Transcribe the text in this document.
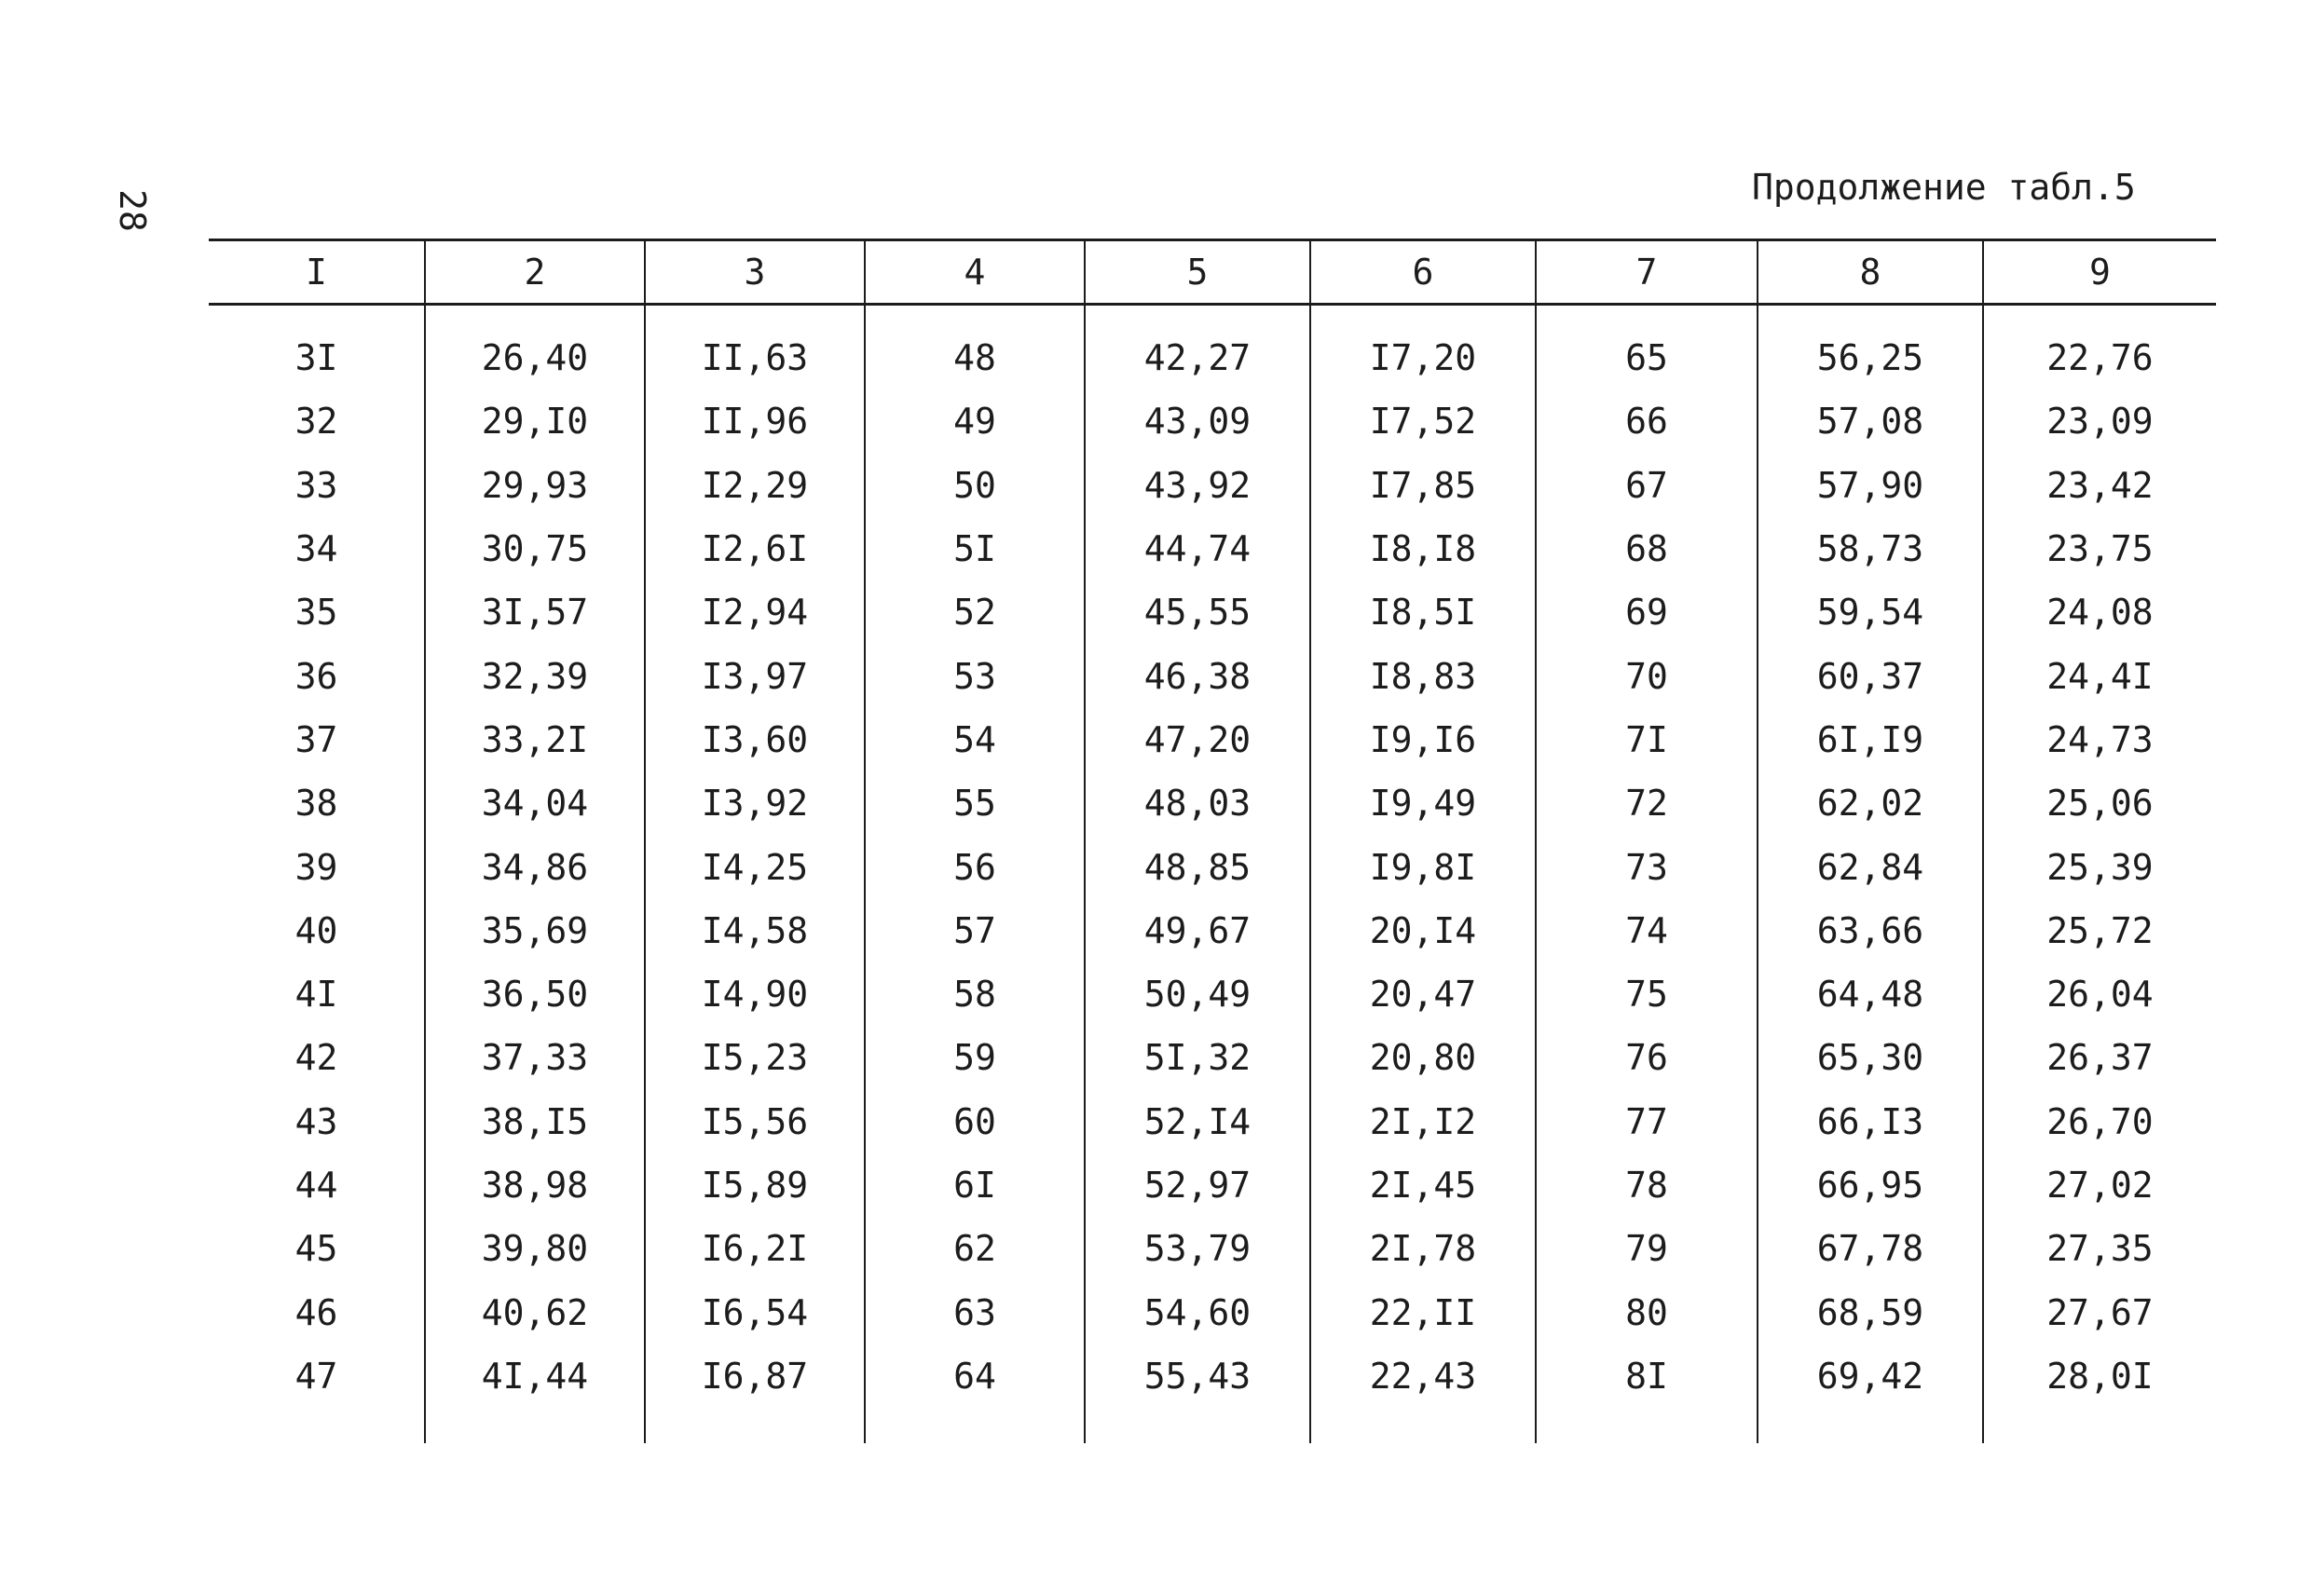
28
Продолжение табл.5
I	2	3	4	5	6	7	8	9
3I	26,40	II,63	48	42,27	I7,20	65	56,25	22,76
32	29,I0	II,96	49	43,09	I7,52	66	57,08	23,09
33	29,93	I2,29	50	43,92	I7,85	67	57,90	23,42
34	30,75	I2,6I	5I	44,74	I8,I8	68	58,73	23,75
35	3I,57	I2,94	52	45,55	I8,5I	69	59,54	24,08
36	32,39	I3,97	53	46,38	I8,83	70	60,37	24,4I
37	33,2I	I3,60	54	47,20	I9,I6	7I	6I,I9	24,73
38	34,04	I3,92	55	48,03	I9,49	72	62,02	25,06
39	34,86	I4,25	56	48,85	I9,8I	73	62,84	25,39
40	35,69	I4,58	57	49,67	20,I4	74	63,66	25,72
4I	36,50	I4,90	58	50,49	20,47	75	64,48	26,04
42	37,33	I5,23	59	5I,32	20,80	76	65,30	26,37
43	38,I5	I5,56	60	52,I4	2I,I2	77	66,I3	26,70
44	38,98	I5,89	6I	52,97	2I,45	78	66,95	27,02
45	39,80	I6,2I	62	53,79	2I,78	79	67,78	27,35
46	40,62	I6,54	63	54,60	22,II	80	68,59	27,67
47	4I,44	I6,87	64	55,43	22,43	8I	69,42	28,0I
